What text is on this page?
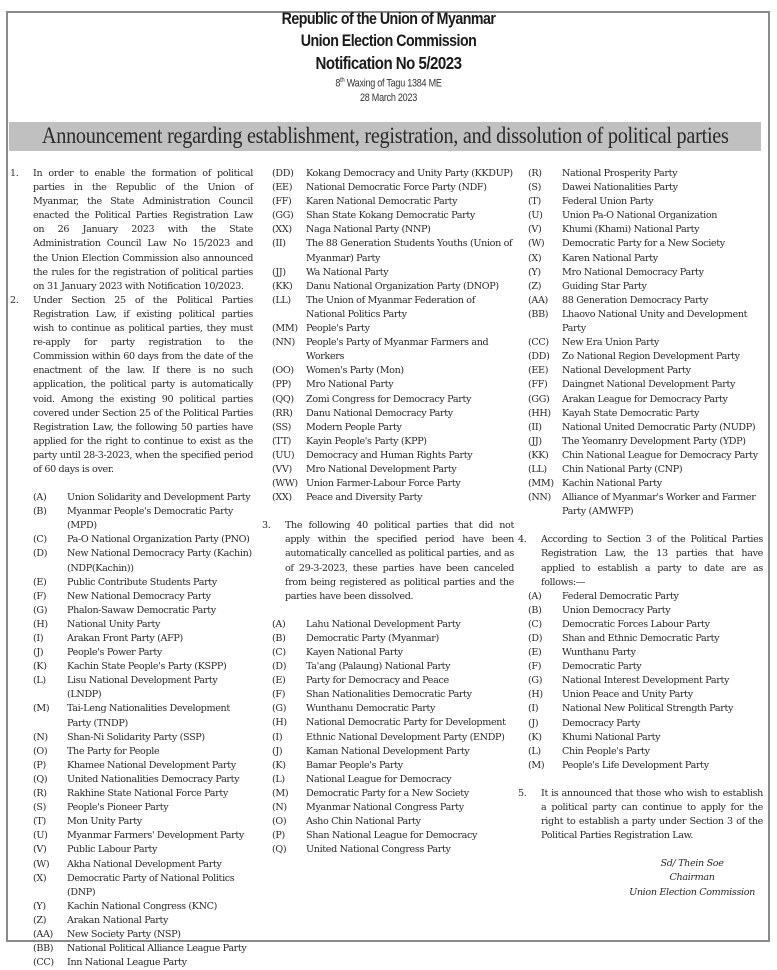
Republic of the Union of Myanmar
Union Election Commission
Notification No 5/2023
8th Waxing of Tagu 1384 ME
28 March 2023
Announcement regarding establishment, registration, and dissolution of political parties
1.	In order to enable the formation of political parties in the Republic of the Union of Myanmar, the State Administration Council enacted the Political Parties Registration Law on 26 January 2023 with the State Administration Council Law No 15/2023 and the Union Election Commission also announced the rules for the registration of political parties on 31 January 2023 with Notification 10/2023.
2.	Under Section 25 of the Political Parties Registration Law, if existing political parties wish to continue as political parties, they must re-apply for party registration to the Commission within 60 days from the date of the enactment of the law. If there is no such application, the political party is automatically void. Among the existing 90 political parties covered under Section 25 of the Political Parties Registration Law, the following 50 parties have applied for the right to continue to exist as the party until 28-3-2023, when the specified period of 60 days is over.
(A)	Union Solidarity and Development Party
(B)	Myanmar People's Democratic Party (MPD)
(C)	Pa-O National Organization Party (PNO)
(D)	New National Democracy Party (Kachin) (NDP(Kachin))
(E)	Public Contribute Students Party
(F)	New National Democracy Party
(G)	Phalon-Sawaw Democratic Party
(H)	National Unity Party
(I)	Arakan Front Party (AFP)
(J)	People's Power Party
(K)	Kachin State People's Party (KSPP)
(L)	Lisu National Development Party (LNDP)
(M)	Tai-Leng Nationalities Development Party (TNDP)
(N)	Shan-Ni Solidarity Party (SSP)
(O)	The Party for People
(P)	Khamee National Development Party
(Q)	United Nationalities Democracy Party
(R)	Rakhine State National Force Party
(S)	People's Pioneer Party
(T)	Mon Unity Party
(U)	Myanmar Farmers' Development Party
(V)	Public Labour Party
(W)	Akha National Development Party
(X)	Democratic Party of National Politics (DNP)
(Y)	Kachin National Congress (KNC)
(Z)	Arakan National Party
(AA)	New Society Party (NSP)
(BB)	National Political Alliance League Party
(CC)	Inn National League Party
(DD)	Kokang Democracy and Unity Party (KKDUP)
(EE)	National Democratic Force Party (NDF)
(FF)	Karen National Democratic Party
(GG)	Shan State Kokang Democratic Party
(XX)	Naga National Party (NNP)
(II)	The 88 Generation Students Youths (Union of Myanmar) Party
(JJ)	Wa National Party
(KK)	Danu National Organization Party (DNOP)
(LL)	The Union of Myanmar Federation of National Politics Party
(MM) People's Party
(NN)	People's Party of Myanmar Farmers and Workers
(OO)	Women's Party (Mon)
(PP)	Mro National Party
(QQ)	Zomi Congress for Democracy Party
(RR)	Danu National Democracy Party
(SS)	Modern People Party
(TT)	Kayin People's Party (KPP)
(UU)	Democracy and Human Rights Party
(VV)	Mro National Development Party
(WW) Union Farmer-Labour Force Party
(XX)	Peace and Diversity Party
3.	The following 40 political parties that did not apply within the specified period have been automatically cancelled as political parties, and as of 29-3-2023, these parties have been canceled from being registered as political parties and the parties have been dissolved.
(A)	Lahu National Development Party
(B)	Democratic Party (Myanmar)
(C)	Kayen National Party
(D)	Ta'ang (Palaung) National Party
(E)	Party for Democracy and Peace
(F)	Shan Nationalities Democratic Party
(G)	Wunthanu Democratic Party
(H)	National Democratic Party for Development
(I)	Ethnic National Development Party (ENDP)
(J)	Kaman National Development Party
(K)	Bamar People's Party
(L)	National League for Democracy
(M)	Democratic Party for a New Society
(N)	Myanmar National Congress Party
(O)	Asho Chin National Party
(P)	Shan National League for Democracy
(Q)	United National Congress Party
(R)	National Prosperity Party
(S)	Dawei Nationalities Party
(T)	Federal Union Party
(U)	Union Pa-O National Organization
(V)	Khumi (Khami) National Party
(W)	Democratic Party for a New Society
(X)	Karen National Party
(Y)	Mro National Democracy Party
(Z)	Guiding Star Party
(AA)	88 Generation Democracy Party
(BB)	Lhaovo National Unity and Development Party
(CC)	New Era Union Party
(DD)	Zo National Region Development Party
(EE)	National Development Party
(FF)	Daingnet National Development Party
(GG)	Arakan League for Democracy Party
(HH)	Kayah State Democratic Party
(II)	National United Democratic Party (NUDP)
(JJ)	The Yeomanry Development Party (YDP)
(KK)	Chin National League for Democracy Party
(LL)	Chin National Party (CNP)
(MM) Kachin National Party
(NN)	Alliance of Myanmar's Worker and Farmer Party (AMWFP)
4.	According to Section 3 of the Political Parties Registration Law, the 13 parties that have applied to establish a party to date are as follows:—
(A)	Federal Democratic Party
(B)	Union Democracy Party
(C)	Democratic Forces Labour Party
(D)	Shan and Ethnic Democratic Party
(E)	Wunthanu Party
(F)	Democratic Party
(G)	National Interest Development Party
(H)	Union Peace and Unity Party
(I)	National New Political Strength Party
(J)	Democracy Party
(K)	Khumi National Party
(L)	Chin People's Party
(M)	People's Life Development Party
5.	It is announced that those who wish to establish a political party can continue to apply for the right to establish a party under Section 3 of the Political Parties Registration Law.
Sd/ Thein Soe
Chairman
Union Election Commission
